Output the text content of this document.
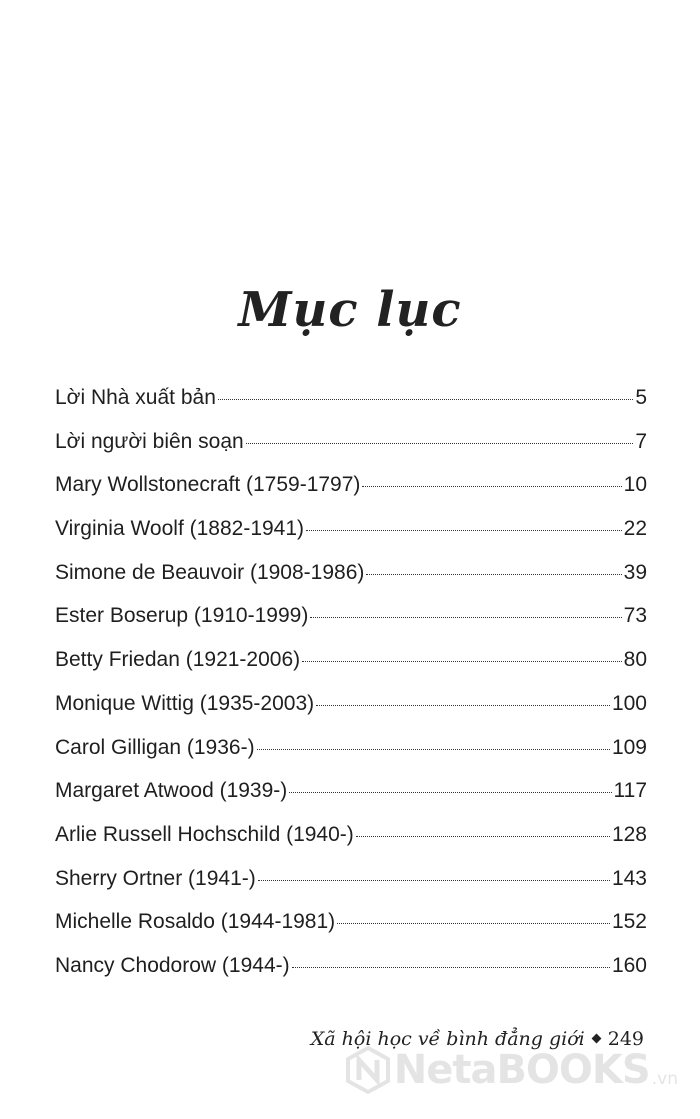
Mục lục
Lời Nhà xuất bản	5
Lời người biên soạn	7
Mary Wollstonecraft (1759-1797)	10
Virginia Woolf (1882-1941)	22
Simone de Beauvoir (1908-1986)	39
Ester Boserup (1910-1999)	73
Betty Friedan (1921-2006)	80
Monique Wittig (1935-2003)	100
Carol Gilligan (1936-)	109
Margaret Atwood (1939-)	117
Arlie Russell Hochschild (1940-)	128
Sherry Ortner (1941-)	143
Michelle Rosaldo (1944-1981)	152
Nancy Chodorow (1944-)	160
Xã hội học về bình đẳng giới 249
NetaBOOKS .vn
